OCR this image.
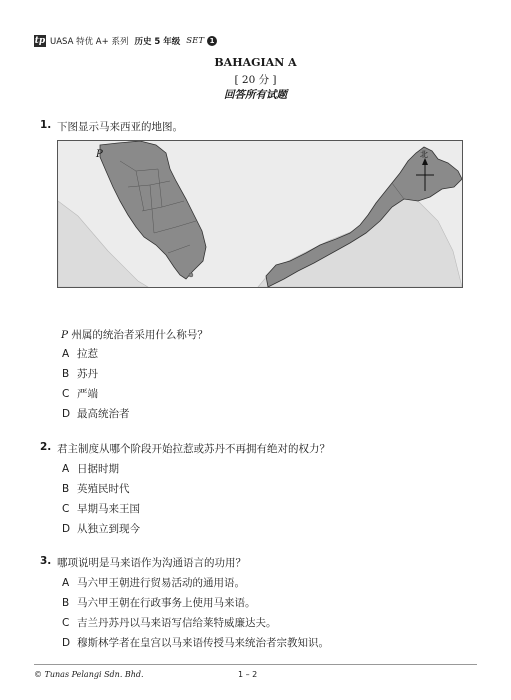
tp UASA 特优 A+ 系列 历史 5 年级 SET 1
BAHAGIAN A
[ 20 分 ]
回答所有试题
1. 下图显示马来西亚的地图。
P	北
P 州属的统治者采用什么称号？
A 拉惹
B 苏丹
C 严端
D 最高统治者
2. 君主制度从哪个阶段开始拉惹或苏丹不再拥有绝对的权力？
A 日据时期
B 英殖民时代
C 早期马来王国
D 从独立到现今
3. 哪项说明是马来语作为沟通语言的功用？
A 马六甲王朝进行贸易活动的通用语。
B 马六甲王朝在行政事务上使用马来语。
C 吉兰丹苏丹以马来语写信给莱特威廉达夫。
D 穆斯林学者在皇宫以马来语传授马来统治者宗教知识。
© Tunas Pelangi Sdn. Bhd.	1 – 2
